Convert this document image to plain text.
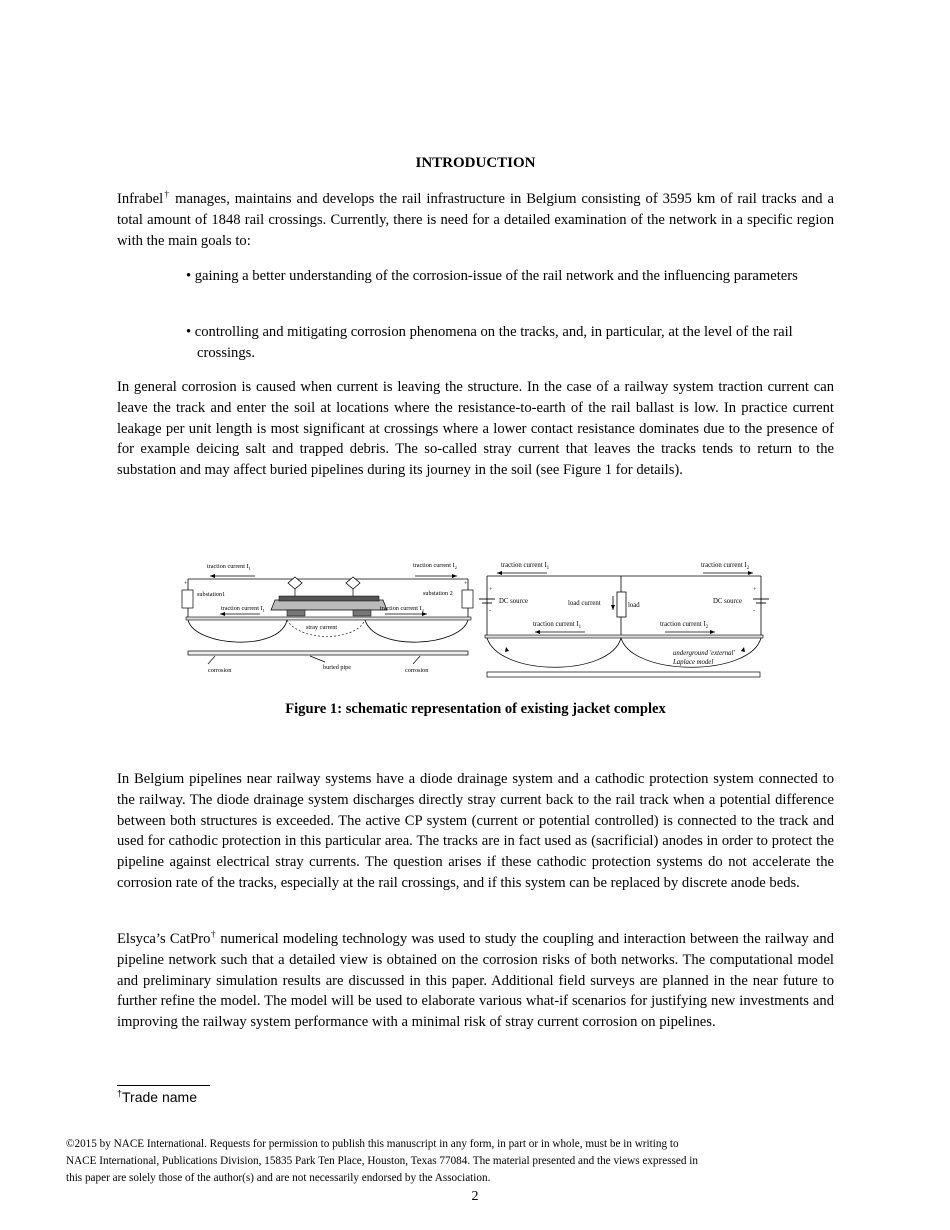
INTRODUCTION

Infrabel† manages, maintains and develops the rail infrastructure in Belgium consisting of 3595 km of rail tracks and a total amount of 1848 rail crossings. Currently, there is need for a detailed examination of the network in a specific region with the main goals to:

• gaining a better understanding of the corrosion-issue of the rail network and the influencing parameters
• controlling and mitigating corrosion phenomena on the tracks, and, in particular, at the level of the rail crossings.

In general corrosion is caused when current is leaving the structure. In the case of a railway system traction current can leave the track and enter the soil at locations where the resistance-to-earth of the rail ballast is low. In practice current leakage per unit length is most significant at crossings where a lower contact resistance dominates due to the presence of for example deicing salt and trapped debris. The so-called stray current that leaves the tracks tends to return to the substation and may affect buried pipelines during its journey in the soil (see Figure 1 for details).

+	+
traction current $I_1$	traction current $I_2$
substation1	substation 2
traction current $I_1$	traction current $I_2$
stray current
corrosion	buried pipe	corrosion
+
-
+
-
traction current $I_1$	traction current $I_2$
DC source	DC source
load current	load
traction current $I_1$	traction current $I_2$
underground 'external'
Laplace model
Figure 1: schematic representation of existing jacket complex

In Belgium pipelines near railway systems have a diode drainage system and a cathodic protection system connected to the railway. The diode drainage system discharges directly stray current back to the rail track when a potential difference between both structures is exceeded. The active CP system (current or potential controlled) is connected to the track and used for cathodic protection in this particular area. The tracks are in fact used as (sacrificial) anodes in order to protect the pipeline against electrical stray currents. The question arises if these cathodic protection systems do not accelerate the corrosion rate of the tracks, especially at the rail crossings, and if this system can be replaced by discrete anode beds.

Elsyca’s CatPro† numerical modeling technology was used to study the coupling and interaction between the railway and pipeline network such that a detailed view is obtained on the corrosion risks of both networks. The computational model and preliminary simulation results are discussed in this paper. Additional field surveys are planned in the near future to further refine the model. The model will be used to elaborate various what-if scenarios for justifying new investments and improving the railway system performance with a minimal risk of stray current corrosion on pipelines.

†Trade name
©2015 by NACE International. Requests for permission to publish this manuscript in any form, in part or in whole, must be in writing to
NACE International, Publications Division, 15835 Park Ten Place, Houston, Texas 77084. The material presented and the views expressed in
this paper are solely those of the author(s) and are not necessarily endorsed by the Association.
2
